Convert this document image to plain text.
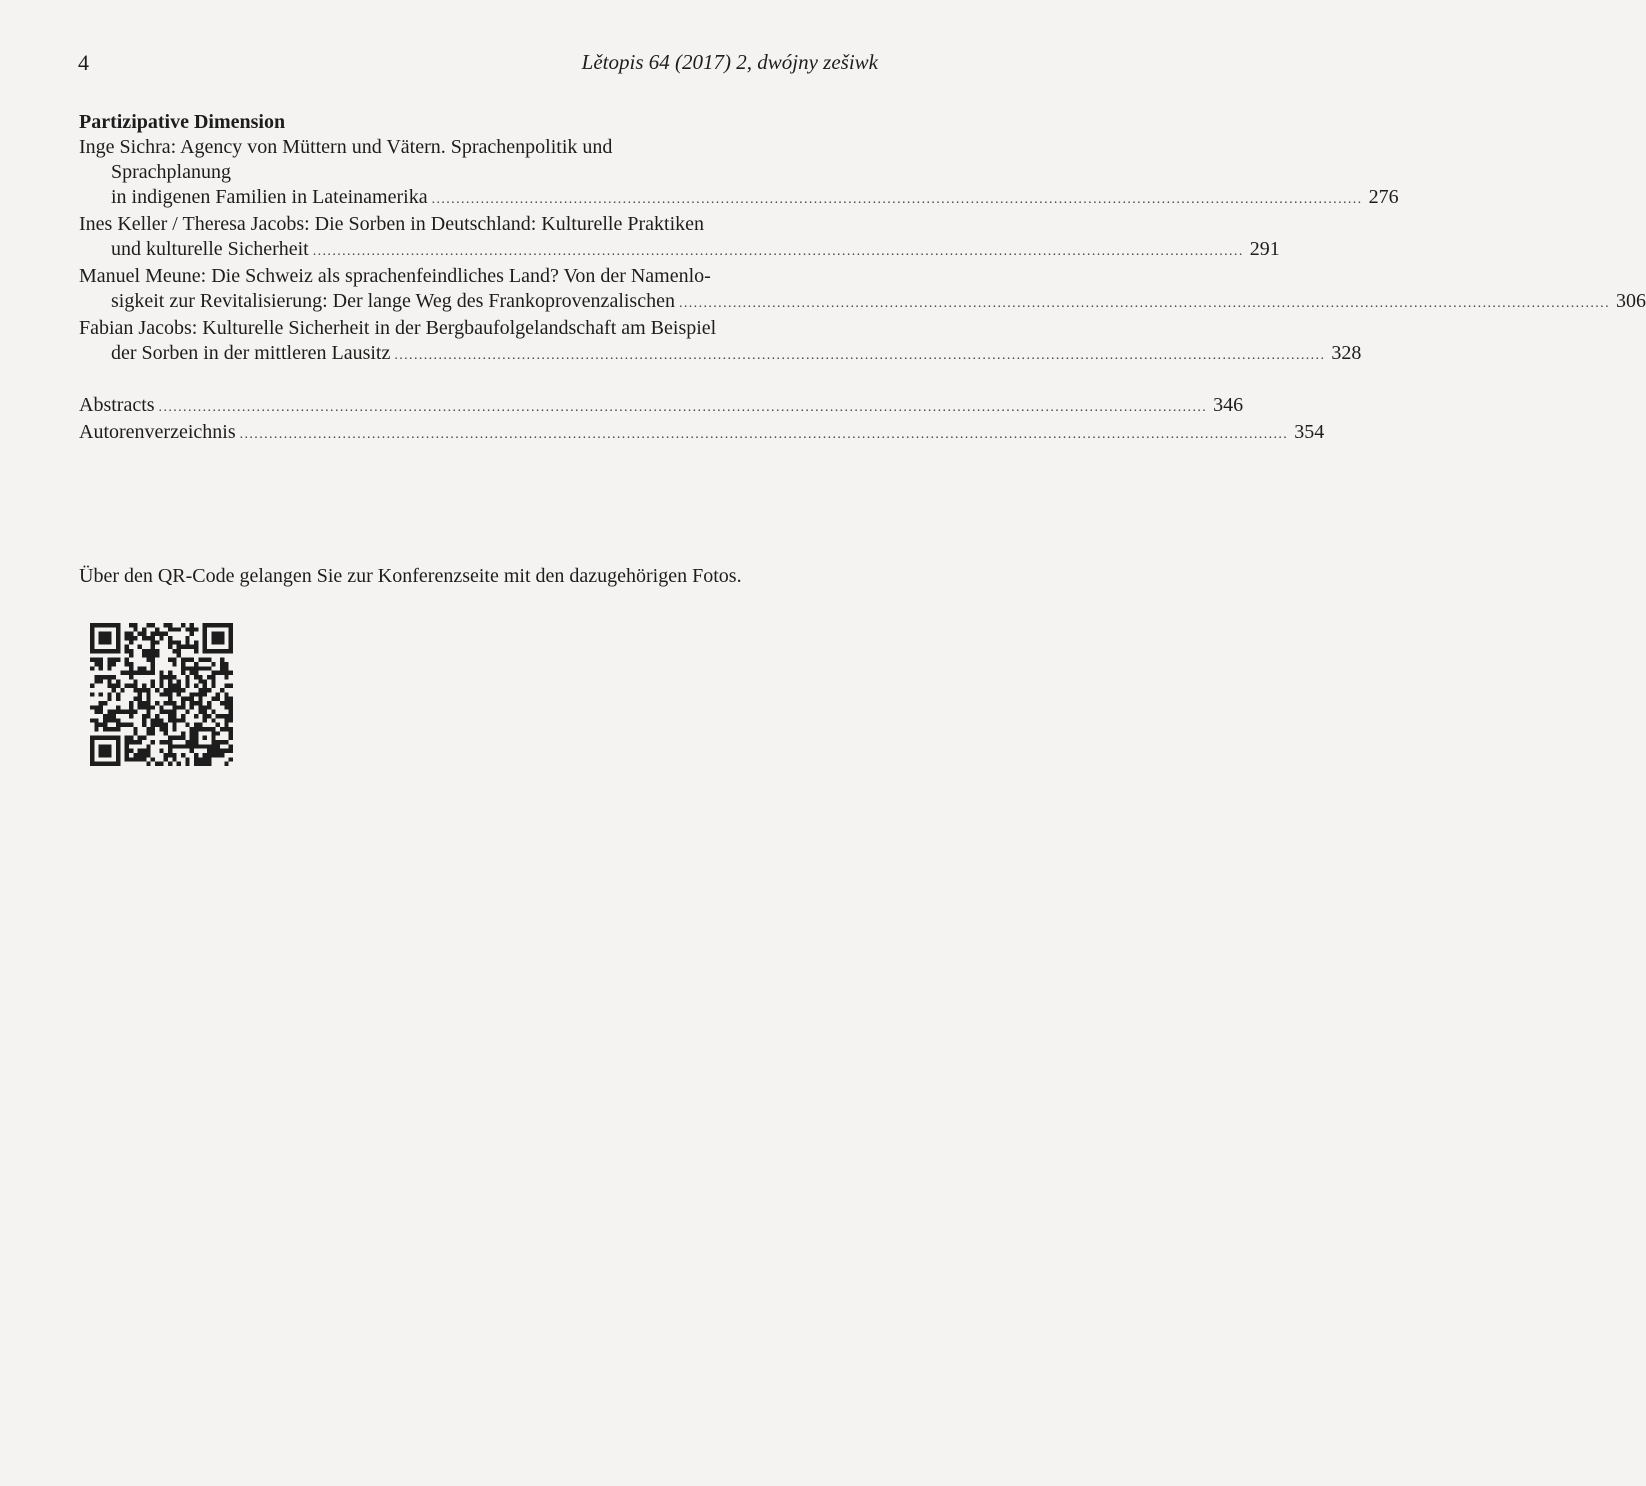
4	Lětopis 64 (2017) 2, dwójny zešiwk
Partizipative Dimension
Inge Sichra: Agency von Müttern und Vätern. Sprachenpolitik und
Sprachplanung
in indigenen Familien in Lateinamerika .............................................................................................................................................................................................. 276
Ines Keller / Theresa Jacobs: Die Sorben in Deutschland: Kulturelle Praktiken
und kulturelle Sicherheit .............................................................................................................................................................................................. 291
Manuel Meune: Die Schweiz als sprachenfeindliches Land? Von der Namenlo-
sigkeit zur Revitalisierung: Der lange Weg des Frankoprovenzalischen .............................................................................................................................................................................................. 306
Fabian Jacobs: Kulturelle Sicherheit in der Bergbaufolgelandschaft am Beispiel
der Sorben in der mittleren Lausitz .............................................................................................................................................................................................. 328
Abstracts ...................................................................................................................................................................................................................... 346
Autorenverzeichnis ...................................................................................................................................................................................................................... 354
Über den QR-Code gelangen Sie zur Konferenzseite mit den dazugehörigen Fotos.
